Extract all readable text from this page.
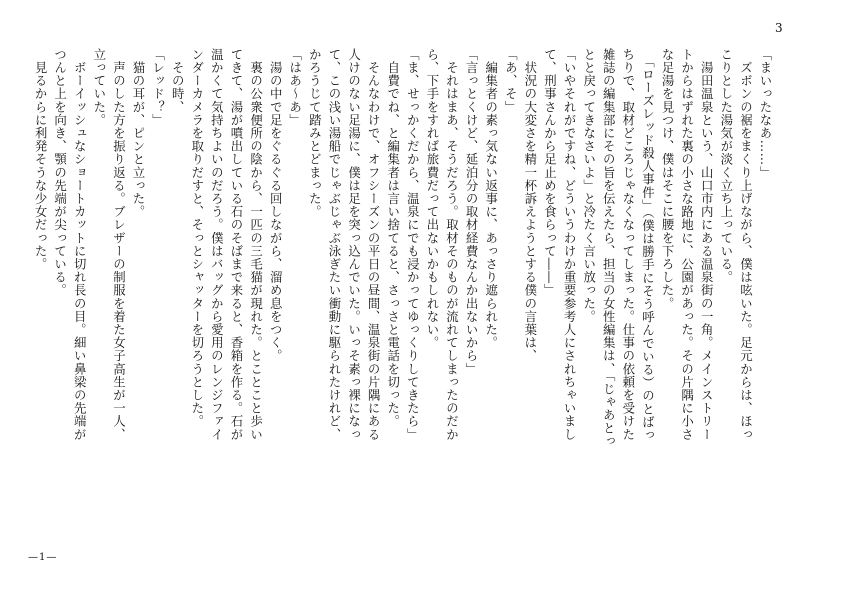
3
「まいったなあ……」
　ズボンの裾をまくり上げながら、僕は呟いた。足元からは、ほっ
こりとした湯気が淡く立ち上っている。
　湯田温泉という、山口市内にある温泉街の一角。メインストリー
トからはずれた裏の小さな路地に、公園があった。その片隅に小さ
な足湯を見つけ、僕はそこに腰を下ろした。
　「ローズレッド殺人事件」（僕は勝手にそう呼んでいる）のとばっ
ちりで、取材どころじゃなくなってしまった。仕事の依頼を受けた
雑誌の編集部にその旨を伝えたら、担当の女性編集は、「じゃあとっ
とと戻ってきなさいよ」と冷たく言い放った。
「いやそれがですね、どういうわけか重要参考人にされちゃいまし
て、刑事さんから足止めを食らって――」
　状況の大変さを精一杯訴えようとする僕の言葉は、
「あ、そ」
　編集者の素っ気ない返事に、あっさり遮られた。
「言っとくけど、延泊分の取材経費なんか出ないから」
　それはまあ、そうだろう。取材そのものが流れてしまったのだか
ら、下手をすれば旅費だって出ないかもしれない。
「ま、せっかくだから、温泉にでも浸かってゆっくりしてきたら」
　自費でね、と編集者は言い捨てると、さっさと電話を切った。
　そんなわけで、オフシーズンの平日の昼間、温泉街の片隅にある
人けのない足湯に、僕は足を突っ込んでいた。いっそ素っ裸になっ
て、この浅い湯船でじゃぶじゃぶ泳ぎたい衝動に駆られたけれど、
かろうじて踏みとどまった。
「はあ～あ」
　湯の中で足をぐるぐる回しながら、溜め息をつく。
　裏の公衆便所の陰から、一匹の三毛猫が現れた。とことこと歩い
てきて、湯が噴出している石のそばまで来ると、香箱を作る。石が
温かくて気持ちよいのだろう。僕はバッグから愛用のレンジファイ
ンダーカメラを取りだすと、そっとシャッターを切ろうとした。
　その時、
「レッド？」
　猫の耳が、ピンと立った。
　声のした方を振り返る。ブレザーの制服を着た女子高生が一人、
立っていた。
　ボーイッシュなショートカットに切れ長の目。細い鼻梁の先端が
つんと上を向き、顎の先端が尖っている。
　見るからに利発そうな少女だった。
—1—
